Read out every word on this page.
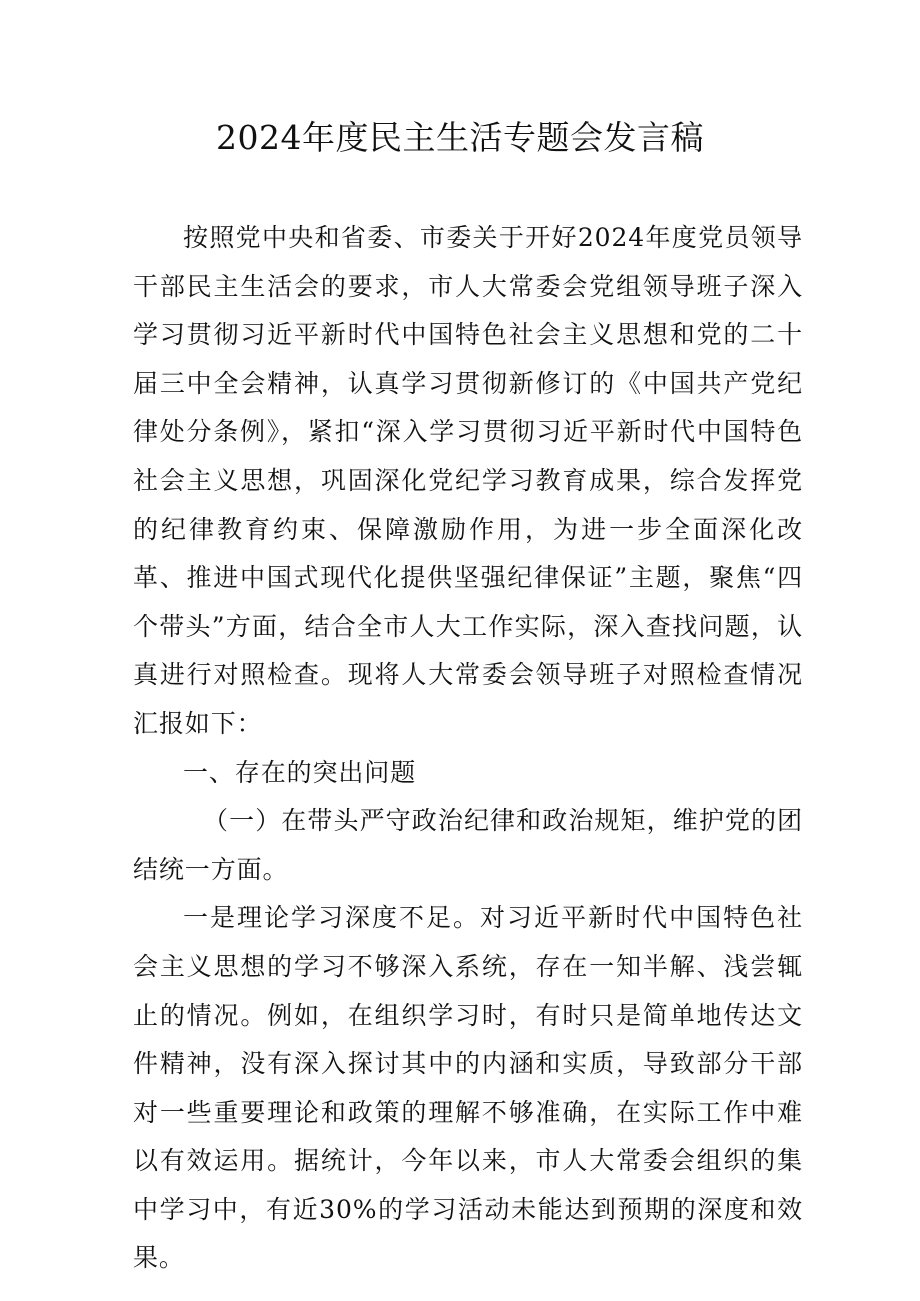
2024年度民主生活专题会发言稿

按照党中央和省委、市委关于开好2024年度党员领导干部民主生活会的要求，市人大常委会党组领导班子深入学习贯彻习近平新时代中国特色社会主义思想和党的二十届三中全会精神，认真学习贯彻新修订的《中国共产党纪律处分条例》，紧扣“深入学习贯彻习近平新时代中国特色社会主义思想，巩固深化党纪学习教育成果，综合发挥党的纪律教育约束、保障激励作用，为进一步全面深化改革、推进中国式现代化提供坚强纪律保证”主题，聚焦“四个带头”方面，结合全市人大工作实际，深入查找问题，认真进行对照检查。现将人大常委会领导班子对照检查情况汇报如下：

一、存在的突出问题

（一）在带头严守政治纪律和政治规矩，维护党的团结统一方面。

一是理论学习深度不足。对习近平新时代中国特色社会主义思想的学习不够深入系统，存在一知半解、浅尝辄止的情况。例如，在组织学习时，有时只是简单地传达文件精神，没有深入探讨其中的内涵和实质，导致部分干部对一些重要理论和政策的理解不够准确，在实际工作中难以有效运用。据统计，今年以来，市人大常委会组织的集中学习中，有近30%的学习活动未能达到预期的深度和效果。
